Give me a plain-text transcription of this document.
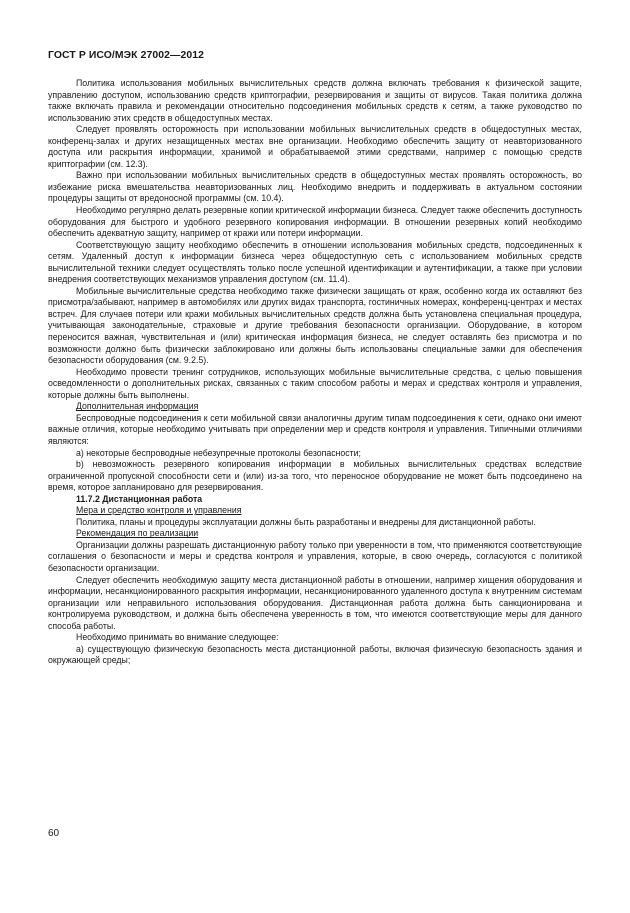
ГОСТ Р ИСО/МЭК 27002—2012

Политика использования мобильных вычислительных средств должна включать требования к физической защите, управлению доступом, использованию средств криптографии, резервирования и защиты от вирусов. Такая политика должна также включать правила и рекомендации относительно подсоединения мобильных средств к сетям, а также руководство по использованию этих средств в общедоступных местах.

Следует проявлять осторожность при использовании мобильных вычислительных средств в общедоступных местах, конференц-залах и других незащищенных местах вне организации. Необходимо обеспечить защиту от неавторизованного доступа или раскрытия информации, хранимой и обрабатываемой этими средствами, например с помощью средств криптографии (см. 12.3).

Важно при использовании мобильных вычислительных средств в общедоступных местах проявлять осторожность, во избежание риска вмешательства неавторизованных лиц. Необходимо внедрить и поддерживать в актуальном состоянии процедуры защиты от вредоносной программы (см. 10.4).

Необходимо регулярно делать резервные копии критической информации бизнеса. Следует также обеспечить доступность оборудования для быстрого и удобного резервного копирования информации. В отношении резервных копий необходимо обеспечить адекватную защиту, например от кражи или потери информации.

Соответствующую защиту необходимо обеспечить в отношении использования мобильных средств, подсоединенных к сетям. Удаленный доступ к информации бизнеса через общедоступную сеть с использованием мобильных средств вычислительной техники следует осуществлять только после успешной идентификации и аутентификации, а также при условии внедрения соответствующих механизмов управления доступом (см. 11.4).

Мобильные вычислительные средства необходимо также физически защищать от краж, особенно когда их оставляют без присмотра/забывают, например в автомобилях или других видах транспорта, гостиничных номерах, конференц-центрах и местах встреч. Для случаев потери или кражи мобильных вычислительных средств должна быть установлена специальная процедура, учитывающая законодательные, страховые и другие требования безопасности организации. Оборудование, в котором переносится важная, чувствительная и (или) критическая информация бизнеса, не следует оставлять без присмотра и по возможности должно быть физически заблокировано или должны быть использованы специальные замки для обеспечения безопасности оборудования (см. 9.2.5).

Необходимо провести тренинг сотрудников, использующих мобильные вычислительные средства, с целью повышения осведомленности о дополнительных рисках, связанных с таким способом работы и мерах и средствах контроля и управления, которые должны быть выполнены.

Дополнительная информация

Беспроводные подсоединения к сети мобильной связи аналогичны другим типам подсоединения к сети, однако они имеют важные отличия, которые необходимо учитывать при определении мер и средств контроля и управления. Типичными отличиями являются:

a) некоторые беспроводные небезупречные протоколы безопасности;

b) невозможность резервного копирования информации в мобильных вычислительных средствах вследствие ограниченной пропускной способности сети и (или) из-за того, что переносное оборудование не может быть подсоединено на время, которое запланировано для резервирования.

11.7.2 Дистанционная работа

Мера и средство контроля и управления

Политика, планы и процедуры эксплуатации должны быть разработаны и внедрены для дистанционной работы.

Рекомендация по реализации

Организации должны разрешать дистанционную работу только при уверенности в том, что применяются соответствующие соглашения о безопасности и меры и средства контроля и управления, которые, в свою очередь, согласуются с политикой безопасности организации.

Следует обеспечить необходимую защиту места дистанционной работы в отношении, например хищения оборудования и информации, несанкционированного раскрытия информации, несанкционированного удаленного доступа к внутренним системам организации или неправильного использования оборудования. Дистанционная работа должна быть санкционирована и контролируема руководством, и должна быть обеспечена уверенность в том, что имеются соответствующие меры для данного способа работы.

Необходимо принимать во внимание следующее:

a) существующую физическую безопасность места дистанционной работы, включая физическую безопасность здания и окружающей среды;

60
